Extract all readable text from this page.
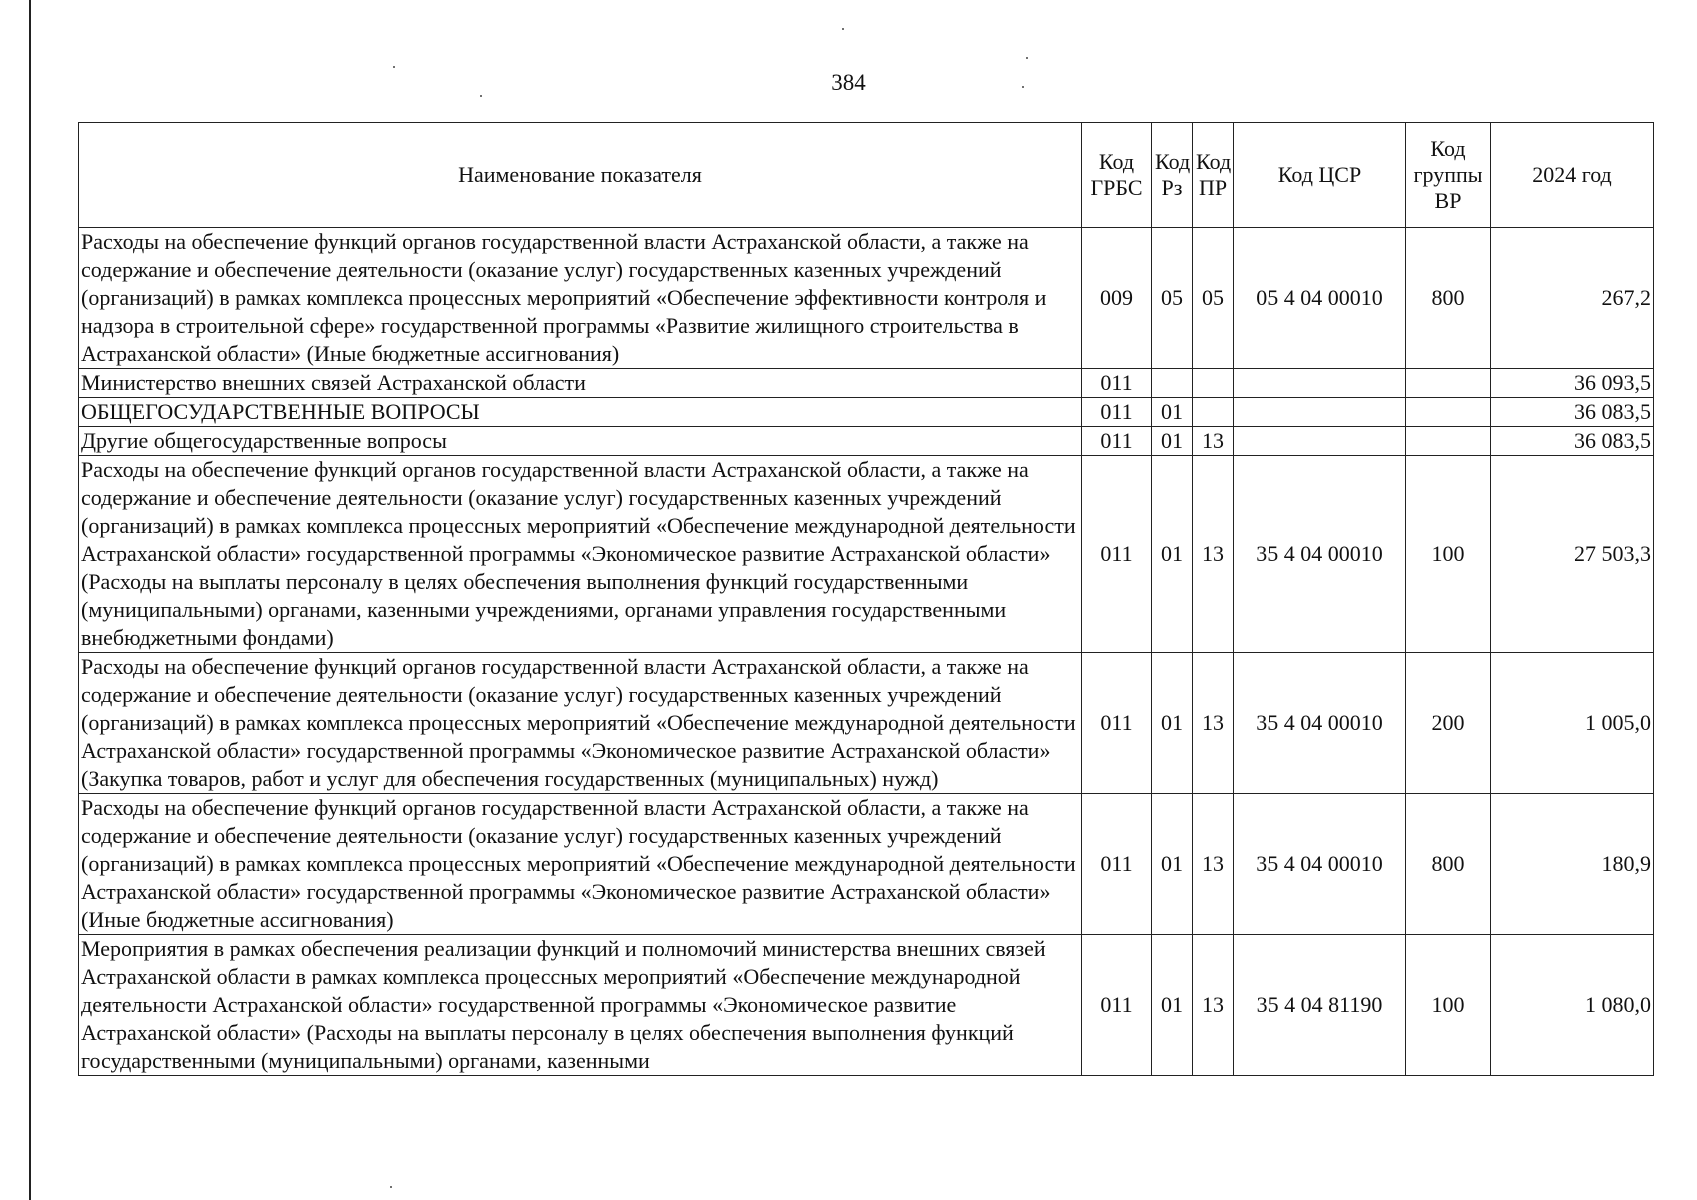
384
Наименование показателя	Код ГРБС	Код Рз	Код ПР	Код ЦСР	Код группы ВР	2024 год
Расходы на обеспечение функций органов государственной власти Астраханской области, а также на содержание и обеспечение деятельности (оказание услуг) государственных казенных учреждений (организаций) в рамках комплекса процессных мероприятий «Обеспечение эффективности контроля и надзора в строительной сфере» государственной программы «Развитие жилищного строительства в Астраханской области» (Иные бюджетные ассигнования)	009	05	05	05 4 04 00010	800	267,2
Министерство внешних связей Астраханской области	011					36 093,5
ОБЩЕГОСУДАРСТВЕННЫЕ ВОПРОСЫ	011	01				36 083,5
Другие общегосударственные вопросы	011	01	13			36 083,5
Расходы на обеспечение функций органов государственной власти Астраханской области, а также на содержание и обеспечение деятельности (оказание услуг) государственных казенных учреждений (организаций) в рамках комплекса процессных мероприятий «Обеспечение международной деятельности Астраханской области» государственной программы «Экономическое развитие Астраханской области» (Расходы на выплаты персоналу в целях обеспечения выполнения функций государственными (муниципальными) органами, казенными учреждениями, органами управления государственными внебюджетными фондами)	011	01	13	35 4 04 00010	100	27 503,3
Расходы на обеспечение функций органов государственной власти Астраханской области, а также на содержание и обеспечение деятельности (оказание услуг) государственных казенных учреждений (организаций) в рамках комплекса процессных мероприятий «Обеспечение международной деятельности Астраханской области» государственной программы «Экономическое развитие Астраханской области» (Закупка товаров, работ и услуг для обеспечения государственных (муниципальных) нужд)	011	01	13	35 4 04 00010	200	1 005,0
Расходы на обеспечение функций органов государственной власти Астраханской области, а также на содержание и обеспечение деятельности (оказание услуг) государственных казенных учреждений (организаций) в рамках комплекса процессных мероприятий «Обеспечение международной деятельности Астраханской области» государственной программы «Экономическое развитие Астраханской области» (Иные бюджетные ассигнования)	011	01	13	35 4 04 00010	800	180,9
Мероприятия в рамках обеспечения реализации функций и полномочий министерства внешних связей Астраханской области в рамках комплекса процессных мероприятий «Обеспечение международной деятельности Астраханской области» государственной программы «Экономическое развитие Астраханской области» (Расходы на выплаты персоналу в целях обеспечения выполнения функций государственными (муниципальными) органами, казенными	011	01	13	35 4 04 81190	100	1 080,0
